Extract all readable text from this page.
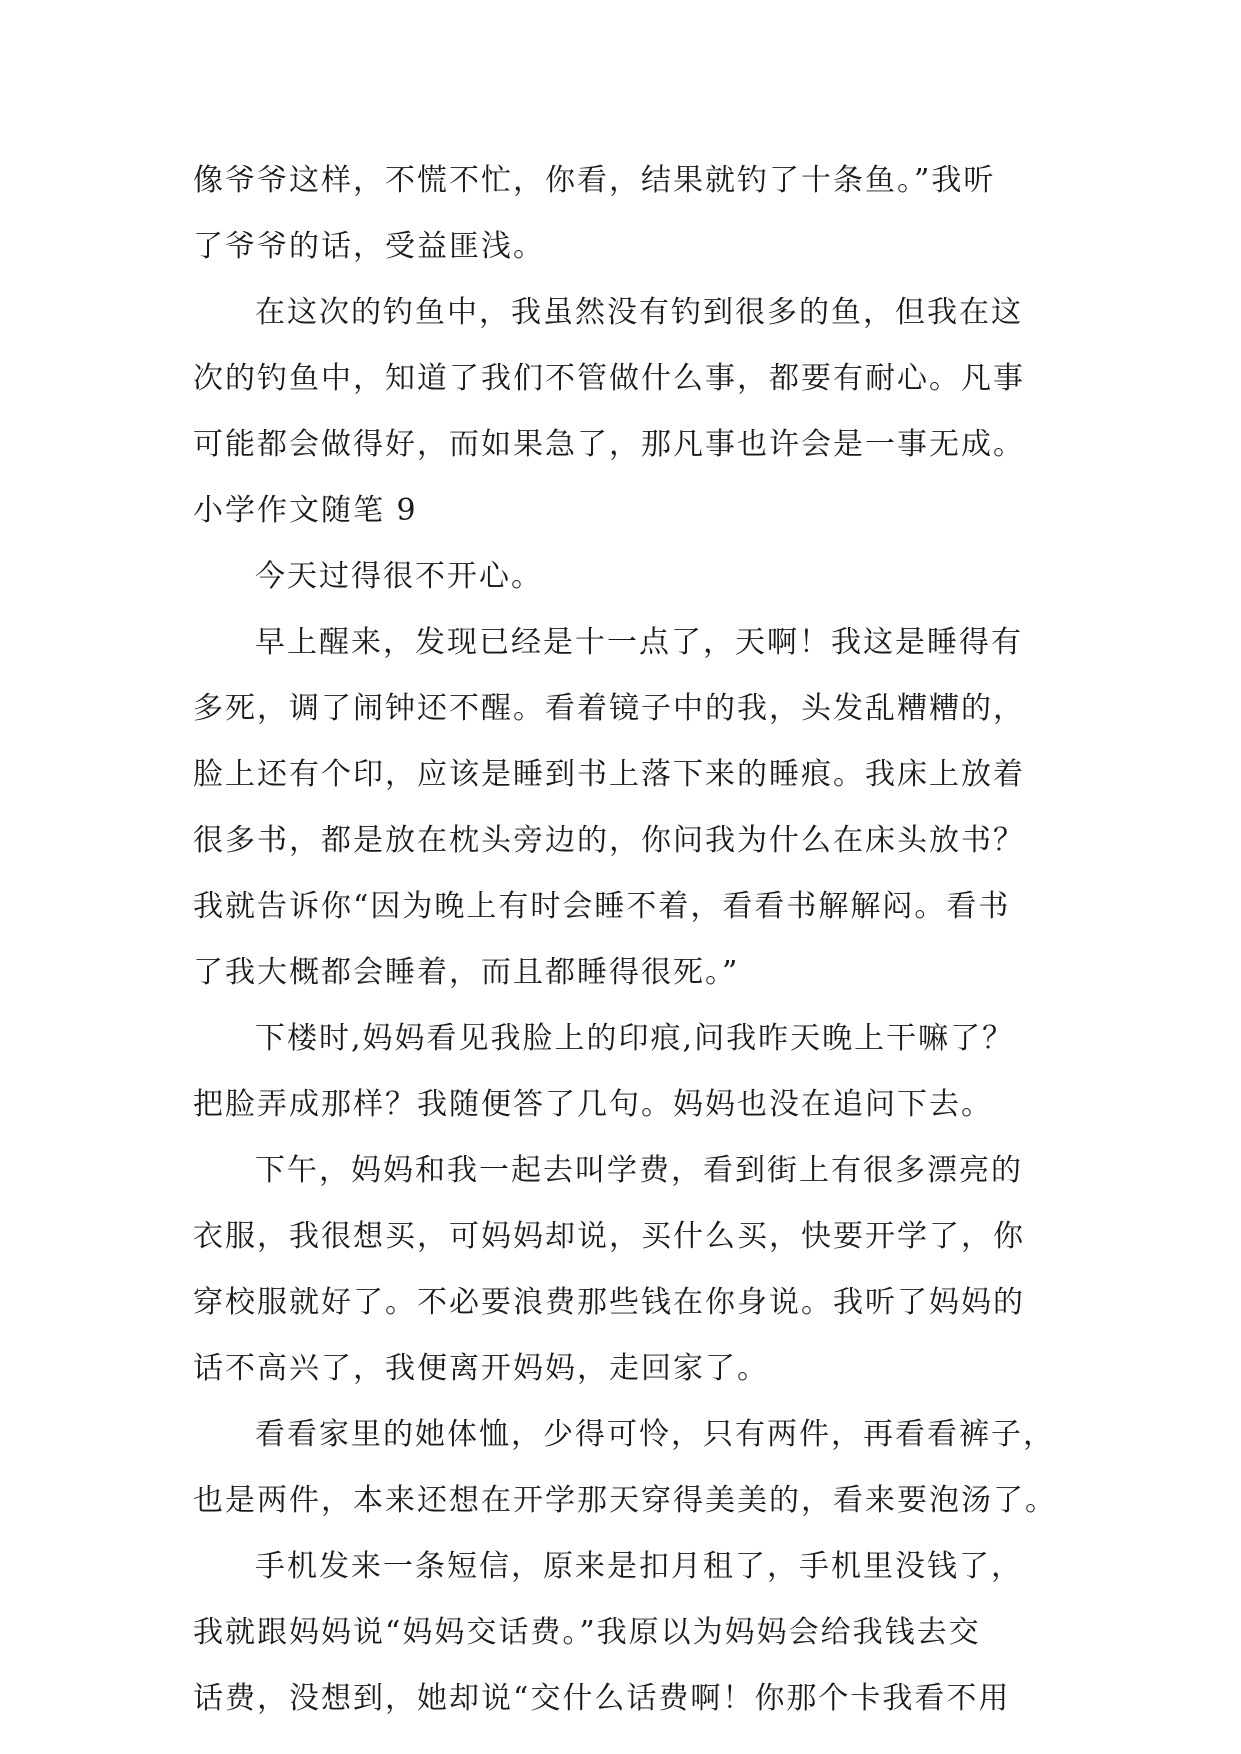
像爷爷这样，不慌不忙，你看，结果就钓了十条鱼。”我听
了爷爷的话，受益匪浅。
在这次的钓鱼中，我虽然没有钓到很多的鱼，但我在这
次的钓鱼中，知道了我们不管做什么事，都要有耐心。凡事
可能都会做得好，而如果急了，那凡事也许会是一事无成。
小学作文随笔 9
今天过得很不开心。
早上醒来，发现已经是十一点了，天啊！我这是睡得有
多死，调了闹钟还不醒。看着镜子中的我，头发乱糟糟的，
脸上还有个印，应该是睡到书上落下来的睡痕。我床上放着
很多书，都是放在枕头旁边的，你问我为什么在床头放书？
我就告诉你“因为晚上有时会睡不着，看看书解解闷。看书
了我大概都会睡着，而且都睡得很死。”
下楼时,妈妈看见我脸上的印痕,问我昨天晚上干嘛了？
把脸弄成那样？我随便答了几句。妈妈也没在追问下去。
下午，妈妈和我一起去叫学费，看到街上有很多漂亮的
衣服，我很想买，可妈妈却说，买什么买，快要开学了，你
穿校服就好了。不必要浪费那些钱在你身说。我听了妈妈的
话不高兴了，我便离开妈妈，走回家了。
看看家里的她体恤，少得可怜，只有两件，再看看裤子，
也是两件，本来还想在开学那天穿得美美的，看来要泡汤了。
手机发来一条短信，原来是扣月租了，手机里没钱了，
我就跟妈妈说“妈妈交话费。”我原以为妈妈会给我钱去交
话费，没想到，她却说“交什么话费啊！你那个卡我看不用
